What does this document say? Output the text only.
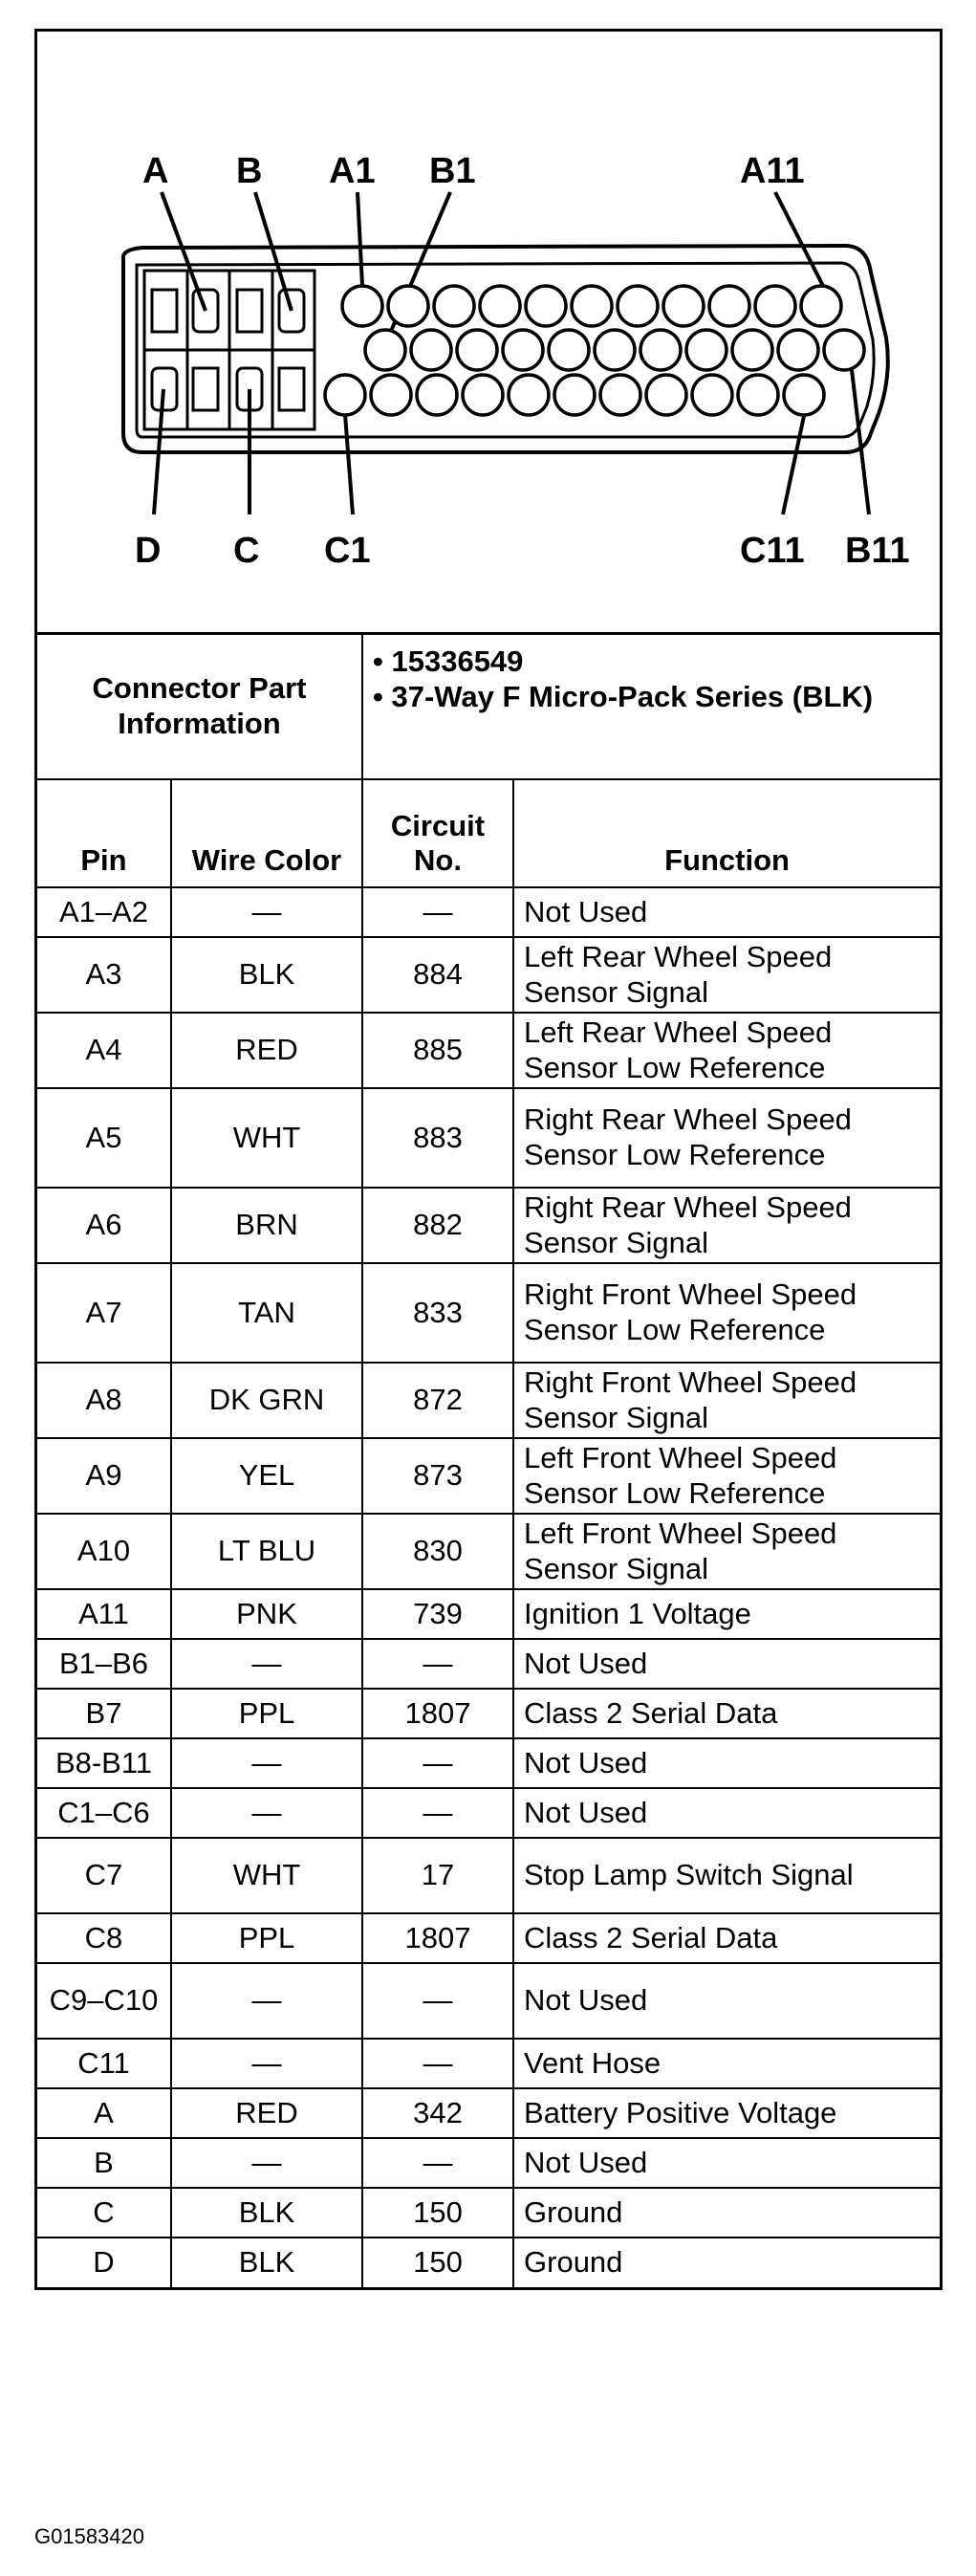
A B A1 B1	A11
D C C1	C11 B11
Connector Part Information		• 15336549
• 37-Way F Micro-Pack Series (BLK)	

Pin	Wire Color	Circuit No.	Function
A1–A2	—	—	Not Used
A3	BLK	884	Left Rear Wheel Speed Sensor Signal
A4	RED	885	Left Rear Wheel Speed Sensor Low Reference
A5	WHT	883	Right Rear Wheel Speed Sensor Low Reference
A6	BRN	882	Right Rear Wheel Speed Sensor Signal
A7	TAN	833	Right Front Wheel Speed Sensor Low Reference
A8	DK GRN	872	Right Front Wheel Speed Sensor Signal
A9	YEL	873	Left Front Wheel Speed Sensor Low Reference
A10	LT BLU	830	Left Front Wheel Speed Sensor Signal
A11	PNK	739	Ignition 1 Voltage
B1–B6	—	—	Not Used
B7	PPL	1807	Class 2 Serial Data
B8-B11	—	—	Not Used
C1–C6	—	—	Not Used
C7	WHT	17	Stop Lamp Switch Signal
C8	PPL	1807	Class 2 Serial Data
C9–C10	—	—	Not Used
C11	—	—	Vent Hose
A	RED	342	Battery Positive Voltage
B	—	—	Not Used
C	BLK	150	Ground
D	BLK	150	Ground
G01583420
